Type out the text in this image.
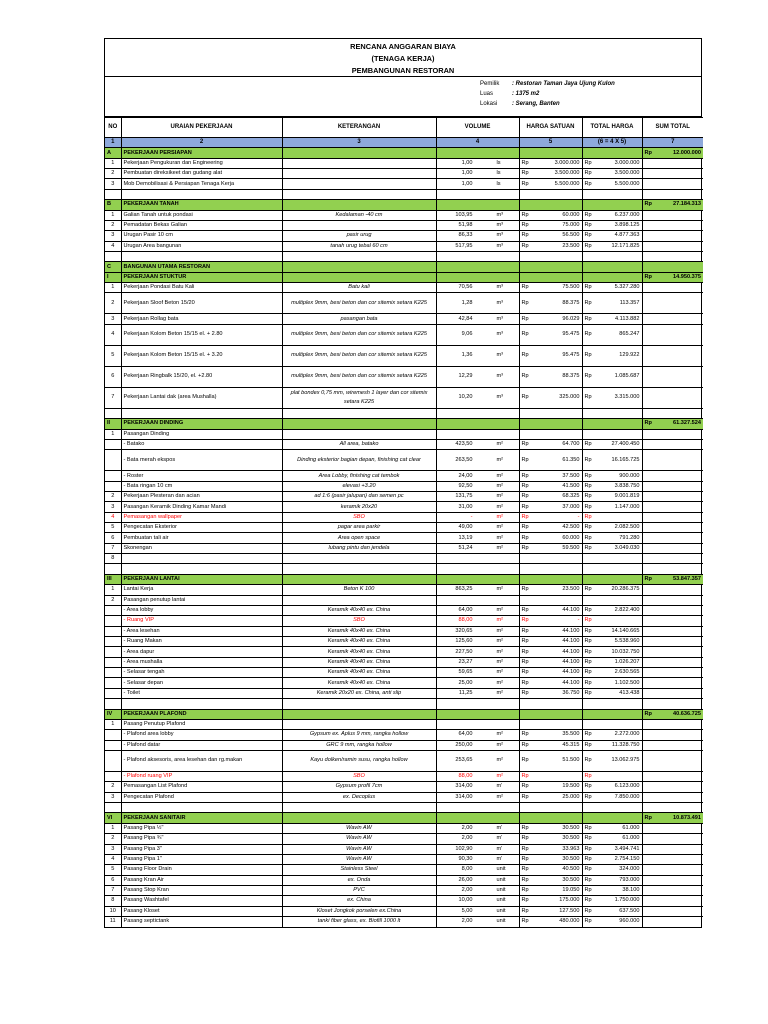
RENCANA ANGGARAN BIAYA
(TENAGA KERJA)
PEMBANGUNAN RESTORAN
Pemilik : Restoran Taman Jaya Ujung Kulon
Luas	: 1375 m2
Lokasi : Serang, Banten
NO	URAIAN PEKERJAAN	KETERANGAN	VOLUME	HARGA SATUAN	TOTAL HARGA	SUM TOTAL
1	2	3	4	5	(6 = 4 X 5)	7
A	PEKERJAAN PERSIAPAN					Rp 12.000.000

1	Pekerjaan Pengukuran dan Engineering		1,00 ls	Rp 3.000.000	Rp 3.000.000	

2	Pembuatan direksikeet dan gudang alat		1,00 ls	Rp 3.500.000	Rp 3.500.000	

3	Mob Demobilisasi & Persiapan Tenaga Kerja		1,00 ls	Rp 5.500.000	Rp 5.500.000	

B	PEKERJAAN TANAH					Rp 27.184.313

1	Galian Tanah untuk pondasi	Kedalaman -40 cm	103,95 m³	Rp 60.000	Rp 6.237.000	

2	Pemadatan Bekas Galian		51,98 m³	Rp 75.000	Rp 3.898.125	

3	Urugan Pasir 10 cm	pasir urug	86,33 m³	Rp 56.500	Rp 4.877.363	

4	Urugan Area bangunan	tanah urug tebal 60 cm	517,95 m³	Rp 23.500	Rp 12.171.825	

C	BANGUNAN UTAMA RESTORAN					

I	PEKERJAAN STUKTUR					Rp 14.950.375

1	Pekerjaan Pondasi Batu Kali	Batu kali	70,56 m³	Rp 75.500	Rp 5.327.280	

2	Pekerjaan Sloof Beton 15/20	multiplex 9mm, besi beton dan cor sitemix setara K225	1,28 m³	Rp 88.375	Rp 113.357	

3	Pekerjaan Rollag bata	pasangan bata	42,84 m³	Rp 96.029	Rp 4.113.882	

4	Pekerjaan Kolom Beton 15/15 el. + 2.80	multiplex 9mm, besi beton dan cor sitemix setara K225	9,06 m³	Rp 95.475	Rp 865.247	

5	Pekerjaan Kolom Beton 15/15 el. + 3.20	multiplex 9mm, besi beton dan cor sitemix setara K225	1,36 m³	Rp 95.475	Rp 129.922	

6	Pekerjaan Ringbalk 15/20, el. +2.80	multiplex 9mm, besi beton dan cor sitemix setara K225	12,29 m³	Rp 88.375	Rp 1.085.687	

7	Pekerjaan Lantai dak (area Mushalla)	plat bondex 0,75 mm, wiremesh 1 layer dan cor sitemix setara K225	10,20 m³	Rp 325.000	Rp 3.315.000	

II	PEKERJAAN DINDING					Rp 61.327.524

1	Pasangan Dinding		

	- Batako	All area, batako	423,50 m²	Rp 64.700	Rp 27.400.450	

	- Bata merah ekspos	Dinding eksterior bagian depan, finishing cat clear	263,50 m²	Rp 61.350	Rp 16.165.725	

	- Roster	Area Lobby, finishing cat tembok	24,00 m²	Rp 37.500	Rp 900.000	

	- Bata ringan 10 cm	elevasi +3.20	92,50 m²	Rp 41.500	Rp 3.838.750	

2	Pekerjaan Plesteran dan acian	ad 1:6 (pasir jalupan) dan semen pc	131,75 m²	Rp 68.325	Rp 9.001.819	

3	Pasangan Keramik Dinding Kamar Mandi	keramik 20x20	31,00 m²	Rp 37.000	Rp 1.147.000	

4	Pemasangan wallpaper	SBO	- m²	Rp -	Rp	

5	Pengecatan Eksterior	pagar area parkir	49,00 m²	Rp 42.500	Rp 2.082.500	

6	Pembuatan tali air	Area open space	13,19 m²	Rp 60.000	Rp 791.280	

7	Skonengan	lubang pintu dan jendela	51,24 m²	Rp 59.500	Rp 3.049.030	

8			

III	PEKERJAAN LANTAI					Rp 53.847.357

1	Lantai Kerja	Beton K 100	863,25 m²	Rp 23.500	Rp 20.286.375	

2	Pasangan penutup lantai		

	- Area lobby	Keramik 40x40 ex. China	64,00 m²	Rp 44.100	Rp 2.822.400	

	- Ruang VIP	SBO	88,00 m²	Rp -	Rp	

	- Area lesehan	Keramik 40x40 ex. China	320,65 m²	Rp 44.100	Rp 14.140.665	

	- Ruang Makan	Keramik 40x40 ex. China	125,60 m²	Rp 44.100	Rp 5.538.960	

	- Area dapur	Keramik 40x40 ex. China	227,50 m²	Rp 44.100	Rp 10.032.750	

	- Area mushalla	Keramik 40x40 ex. China	23,27 m²	Rp 44.100	Rp 1.026.207	

	- Selasar tengah	Keramik 40x40 ex. China	59,65 m²	Rp 44.100	Rp 2.630.565	

	- Selasar depan	Keramik 40x40 ex. China	25,00 m²	Rp 44.100	Rp 1.102.500	

	- Toilet	Keramik 20x20 ex. China, anti slip	11,25 m²	Rp 36.750	Rp 413.438	

IV	PEKERJAAN PLAFOND					Rp 40.636.725

1	Pasang Penutup Plafond		

	- Plafond area lobby	Gypsum ex. Aplus 9 mm, rangka hollow	64,00 m²	Rp 35.500	Rp 2.272.000	

	- Plafond datar	GRC 9 mm, rangka hollow	250,00 m²	Rp 45.315	Rp 11.328.750	

	- Plafond aksesoris, area lesehan dan rg.makan	Kayu dolken/ramin susu, rangka hollow	253,65 m²	Rp 51.500	Rp 13.062.975	

	- Plafond ruang VIP	SBO	88,00 m²	Rp	Rp	

2	Pemasangan List Plafond	Gypsum profil 7cm	314,00 m'	Rp 19.500	Rp 6.123.000	

3	Pengecatan Plafond	ex. Decoplus	314,00 m²	Rp 25.000	Rp 7.850.000	

VI	PEKERJAAN SANITAIR					Rp 10.873.491

1	Pasang Pipa ½"	Wavin AW	2,00 m'	Rp 30.500	Rp 61.000	

2	Pasang Pipa ¾"	Wavin AW	2,00 m'	Rp 30.500	Rp 61.000	

3	Pasang Pipa 3"	Wavin AW	102,90 m'	Rp 33.963	Rp 3.494.741	

4	Pasang Pipa 1"	Wavin AW	90,30 m'	Rp 30.500	Rp 2.754.150	

5	Pasang Floor Drain	Stainless Steel	8,00 unit	Rp 40.500	Rp 324.000	

6	Pasang Kran Air	ex. Onda	26,00 unit	Rp 30.500	Rp 793.000	

7	Pasang Stop Kran	PVC	2,00 unit	Rp 19.050	Rp 38.100	

8	Pasang Washtafel	ex. China	10,00 unit	Rp 175.000	Rp 1.750.000	

10	Pasang Kloset	Kloset Jongkok porselen ex.China	5,00 unit	Rp 127.500	Rp 637.500	

11	Pasang septictank	tanki fiber glass, ex. Biofill 1000 lt	2,00 unit	Rp 480.000	Rp 960.000	
